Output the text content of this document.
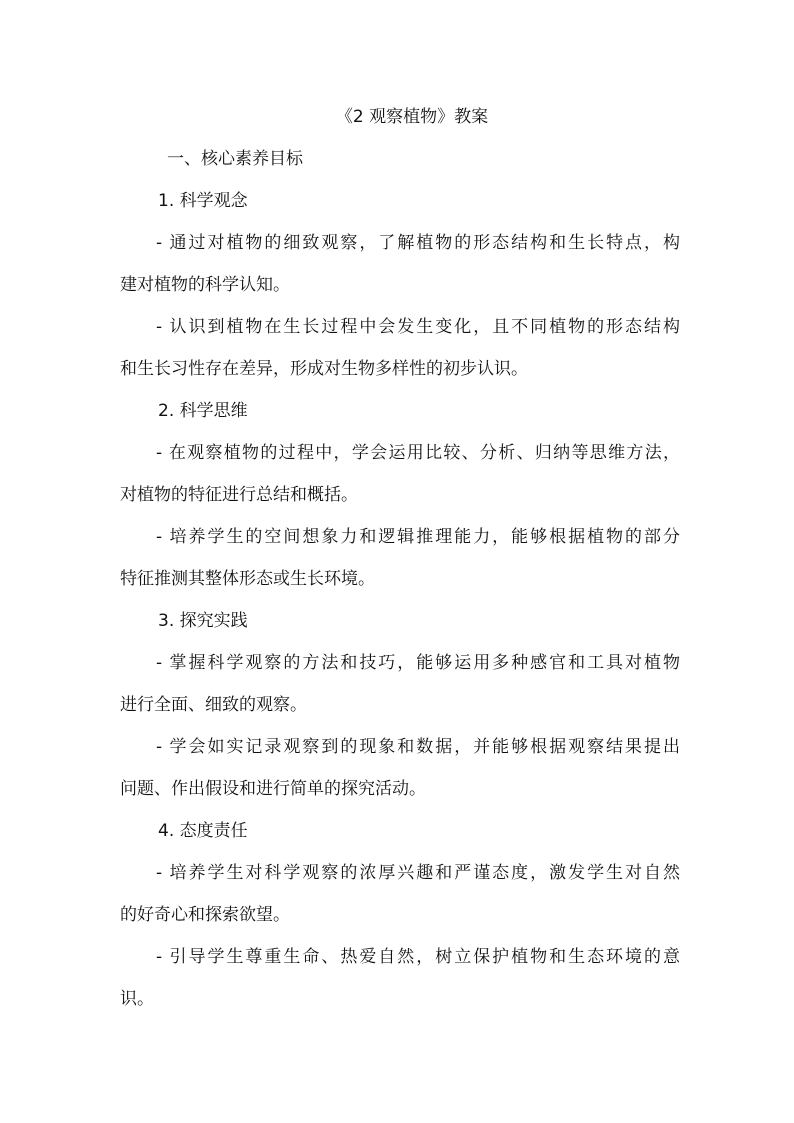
《2 观察植物》教案
一、核心素养目标
1. 科学观念
- 通过对植物的细致观察，了解植物的形态结构和生长特点，构
建对植物的科学认知。
- 认识到植物在生长过程中会发生变化，且不同植物的形态结构
和生长习性存在差异，形成对生物多样性的初步认识。
2. 科学思维
- 在观察植物的过程中，学会运用比较、分析、归纳等思维方法，
对植物的特征进行总结和概括。
- 培养学生的空间想象力和逻辑推理能力，能够根据植物的部分
特征推测其整体形态或生长环境。
3. 探究实践
- 掌握科学观察的方法和技巧，能够运用多种感官和工具对植物
进行全面、细致的观察。
- 学会如实记录观察到的现象和数据，并能够根据观察结果提出
问题、作出假设和进行简单的探究活动。
4. 态度责任
- 培养学生对科学观察的浓厚兴趣和严谨态度，激发学生对自然
的好奇心和探索欲望。
- 引导学生尊重生命、热爱自然，树立保护植物和生态环境的意
识。
